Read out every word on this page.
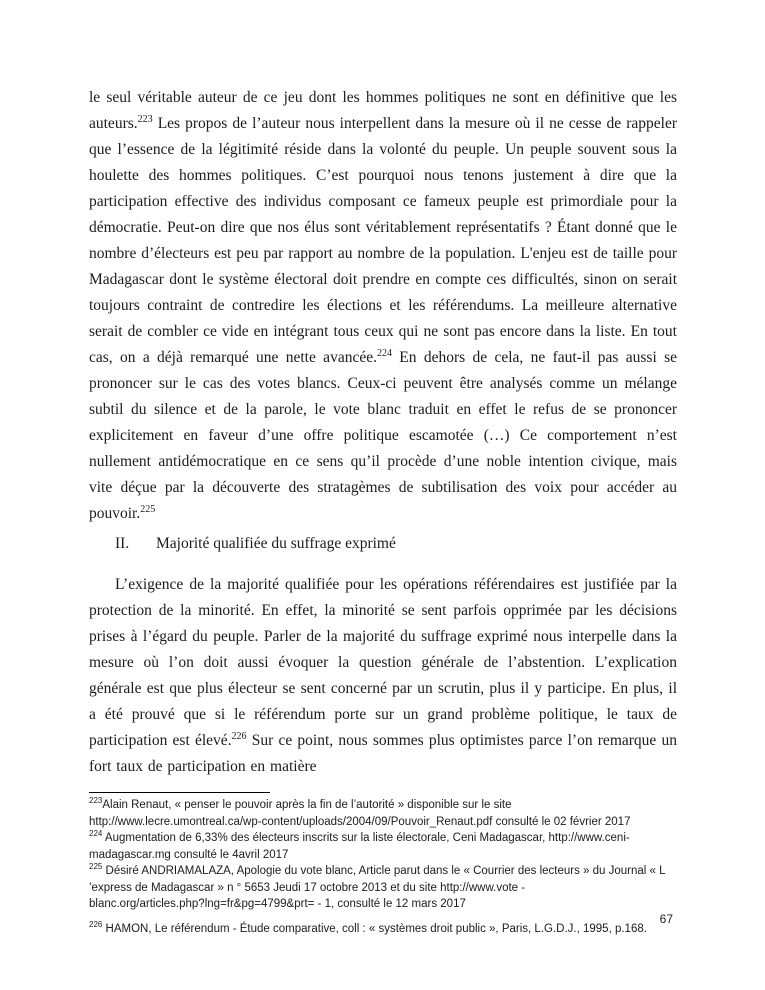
le seul véritable auteur de ce jeu dont les hommes politiques ne sont en définitive que les auteurs.$^{223}$ Les propos de l’auteur nous interpellent dans la mesure où il ne cesse de rappeler que l’essence de la légitimité réside dans la volonté du peuple. Un peuple souvent sous la houlette des hommes politiques. C’est pourquoi nous tenons justement à dire que la participation effective des individus composant ce fameux peuple est primordiale pour la démocratie. Peut-on dire que nos élus sont véritablement représentatifs ? Étant donné que le nombre d’électeurs est peu par rapport au nombre de la population. L'enjeu est de taille pour Madagascar dont le système électoral doit prendre en compte ces difficultés, sinon on serait toujours contraint de contredire les élections et les référendums. La meilleure alternative serait de combler ce vide en intégrant tous ceux qui ne sont pas encore dans la liste. En tout cas, on a déjà remarqué une nette avancée.$^{224}$ En dehors de cela, ne faut-il pas aussi se prononcer sur le cas des votes blancs. Ceux-ci peuvent être analysés comme un mélange subtil du silence et de la parole, le vote blanc traduit en effet le refus de se prononcer explicitement en faveur d’une offre politique escamotée (…) Ce comportement n’est nullement antidémocratique en ce sens qu’il procède d’une noble intention civique, mais vite déçue par la découverte des stratagèmes de subtilisation des voix pour accéder au pouvoir.$^{225}$

II. Majorité qualifiée du suffrage exprimé

L’exigence de la majorité qualifiée pour les opérations référendaires est justifiée par la protection de la minorité. En effet, la minorité se sent parfois opprimée par les décisions prises à l’égard du peuple. Parler de la majorité du suffrage exprimé nous interpelle dans la mesure où l’on doit aussi évoquer la question générale de l’abstention. L’explication générale est que plus électeur se sent concerné par un scrutin, plus il y participe. En plus, il a été prouvé que si le référendum porte sur un grand problème politique, le taux de participation est élevé.$^{226}$ Sur ce point, nous sommes plus optimistes parce l’on remarque un fort taux de participation en matière

$^{223}$Alain Renaut, « penser le pouvoir après la fin de l’autorité » disponible sur le site
http://www.lecre.umontreal.ca/wp-content/uploads/2004/09/Pouvoir_Renaut.pdf consulté le 02 février 2017
$^{224}$ Augmentation de 6,33% des électeurs inscrits sur la liste électorale, Ceni Madagascar, http://www.ceni-
madagascar.mg consulté le 4avril 2017
$^{225}$ Désiré ANDRIAMALAZA, Apologie du vote blanc, Article parut dans le « Courrier des lecteurs » du Journal « L
’express de Madagascar » n ° 5653 Jeudi 17 octobre 2013 et du site http://www.vote -
blanc.org/articles.php?lng=fr&pg=4799&prt= - 1, consulté le 12 mars 2017
$^{226}$ HAMON, Le référendum - Étude comparative, coll : « systèmes droit public », Paris, L.G.D.J., 1995, p.168.
67
